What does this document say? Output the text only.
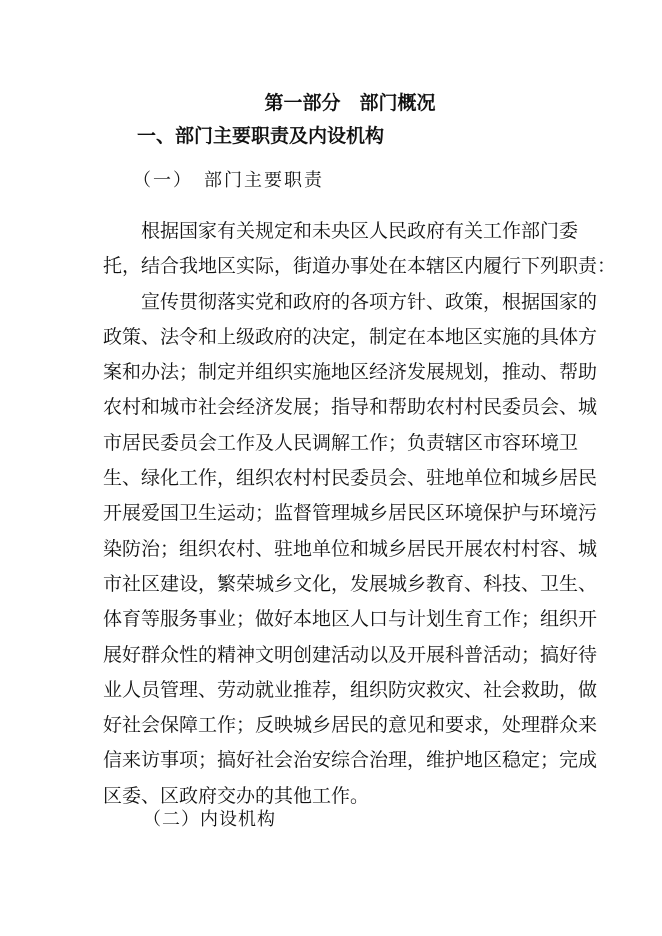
第一部分　部门概况
一、部门主要职责及内设机构
（一）　部门主要职责
根据国家有关规定和未央区人民政府有关工作部门委
托，结合我地区实际，街道办事处在本辖区内履行下列职责：
宣传贯彻落实党和政府的各项方针、政策，根据国家的
政策、法令和上级政府的决定，制定在本地区实施的具体方
案和办法；制定并组织实施地区经济发展规划，推动、帮助
农村和城市社会经济发展；指导和帮助农村村民委员会、城
市居民委员会工作及人民调解工作；负责辖区市容环境卫
生、绿化工作，组织农村村民委员会、驻地单位和城乡居民
开展爱国卫生运动；监督管理城乡居民区环境保护与环境污
染防治；组织农村、驻地单位和城乡居民开展农村村容、城
市社区建设，繁荣城乡文化，发展城乡教育、科技、卫生、
体育等服务事业；做好本地区人口与计划生育工作；组织开
展好群众性的精神文明创建活动以及开展科普活动；搞好待
业人员管理、劳动就业推荐，组织防灾救灾、社会救助，做
好社会保障工作；反映城乡居民的意见和要求，处理群众来
信来访事项；搞好社会治安综合治理，维护地区稳定；完成
区委、区政府交办的其他工作。
（二）内设机构
